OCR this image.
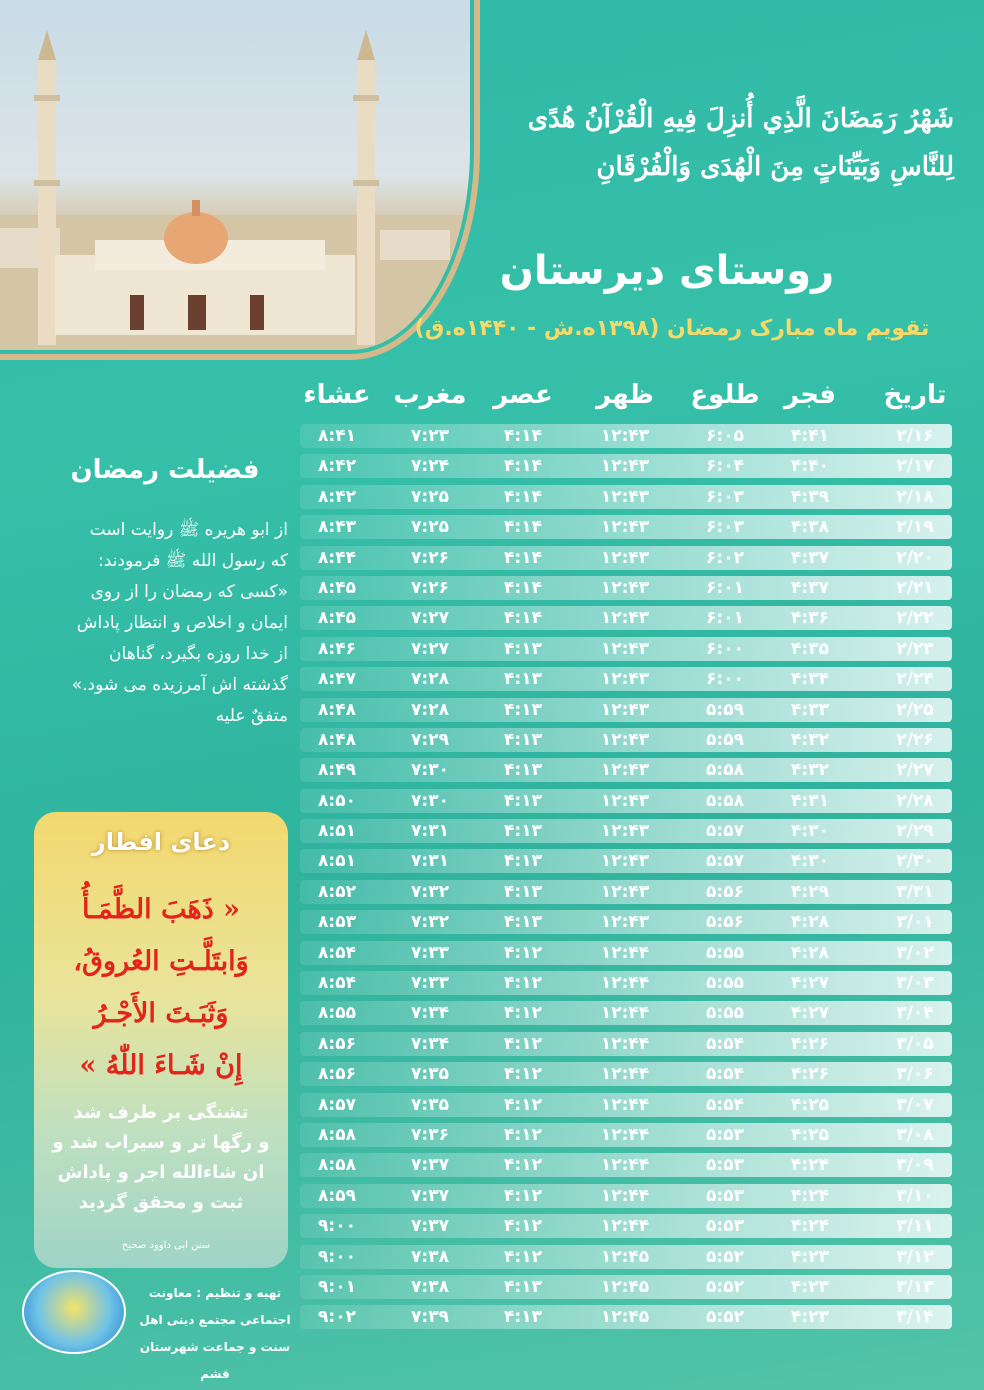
شَهْرُ رَمَضَانَ الَّذِي أُنزِلَ فِيهِ الْقُرْآنُ هُدًى
لِلنَّاسِ وَبَيِّنَاتٍ مِنَ الْهُدَى وَالْفُرْقَانِ
روستای دیرستان
تقویم ماه مبارک رمضان (۱۳۹۸ه.ش - ۱۴۴۰ه.ق)
تاریخ
فجر
طلوع
ظهر
عصر
مغرب
عشاء
۲/۱۶
۴:۴۱
۶:۰۵
۱۲:۴۳
۴:۱۴
۷:۲۳
۸:۴۱
۲/۱۷
۴:۴۰
۶:۰۴
۱۲:۴۳
۴:۱۴
۷:۲۴
۸:۴۲
۲/۱۸
۴:۳۹
۶:۰۳
۱۲:۴۳
۴:۱۴
۷:۲۵
۸:۴۲
۲/۱۹
۴:۳۸
۶:۰۳
۱۲:۴۳
۴:۱۴
۷:۲۵
۸:۴۳
۲/۲۰
۴:۳۷
۶:۰۲
۱۲:۴۳
۴:۱۴
۷:۲۶
۸:۴۴
۲/۲۱
۴:۳۷
۶:۰۱
۱۲:۴۳
۴:۱۴
۷:۲۶
۸:۴۵
۲/۲۲
۴:۳۶
۶:۰۱
۱۲:۴۳
۴:۱۴
۷:۲۷
۸:۴۵
۲/۲۳
۴:۳۵
۶:۰۰
۱۲:۴۳
۴:۱۳
۷:۲۷
۸:۴۶
۲/۲۴
۴:۳۴
۶:۰۰
۱۲:۴۳
۴:۱۳
۷:۲۸
۸:۴۷
۲/۲۵
۴:۳۳
۵:۵۹
۱۲:۴۳
۴:۱۳
۷:۲۸
۸:۴۸
۲/۲۶
۴:۳۲
۵:۵۹
۱۲:۴۳
۴:۱۳
۷:۲۹
۸:۴۸
۲/۲۷
۴:۳۲
۵:۵۸
۱۲:۴۳
۴:۱۳
۷:۳۰
۸:۴۹
۲/۲۸
۴:۳۱
۵:۵۸
۱۲:۴۳
۴:۱۳
۷:۳۰
۸:۵۰
۲/۲۹
۴:۳۰
۵:۵۷
۱۲:۴۳
۴:۱۳
۷:۳۱
۸:۵۱
۲/۳۰
۴:۳۰
۵:۵۷
۱۲:۴۳
۴:۱۳
۷:۳۱
۸:۵۱
۳/۳۱
۴:۲۹
۵:۵۶
۱۲:۴۳
۴:۱۳
۷:۳۲
۸:۵۲
۳/۰۱
۴:۲۸
۵:۵۶
۱۲:۴۳
۴:۱۳
۷:۳۲
۸:۵۳
۳/۰۲
۴:۲۸
۵:۵۵
۱۲:۴۴
۴:۱۲
۷:۳۳
۸:۵۴
۳/۰۳
۴:۲۷
۵:۵۵
۱۲:۴۴
۴:۱۲
۷:۳۳
۸:۵۴
۳/۰۴
۴:۲۷
۵:۵۵
۱۲:۴۴
۴:۱۲
۷:۳۴
۸:۵۵
۳/۰۵
۴:۲۶
۵:۵۴
۱۲:۴۴
۴:۱۲
۷:۳۴
۸:۵۶
۳/۰۶
۴:۲۶
۵:۵۴
۱۲:۴۴
۴:۱۲
۷:۳۵
۸:۵۶
۳/۰۷
۴:۲۵
۵:۵۴
۱۲:۴۴
۴:۱۲
۷:۳۵
۸:۵۷
۳/۰۸
۴:۲۵
۵:۵۳
۱۲:۴۴
۴:۱۲
۷:۳۶
۸:۵۸
۳/۰۹
۴:۲۴
۵:۵۳
۱۲:۴۴
۴:۱۲
۷:۳۷
۸:۵۸
۳/۱۰
۴:۲۴
۵:۵۳
۱۲:۴۴
۴:۱۲
۷:۳۷
۸:۵۹
۳/۱۱
۴:۲۴
۵:۵۳
۱۲:۴۴
۴:۱۲
۷:۳۷
۹:۰۰
۳/۱۲
۴:۲۳
۵:۵۲
۱۲:۴۵
۴:۱۲
۷:۳۸
۹:۰۰
۳/۱۳
۴:۲۳
۵:۵۲
۱۲:۴۵
۴:۱۳
۷:۳۸
۹:۰۱
۳/۱۴
۴:۲۳
۵:۵۲
۱۲:۴۵
۴:۱۳
۷:۳۹
۹:۰۲
فضیلت رمضان
از ابو هریره ﷺ روایت است
که رسول الله ﷺ فرمودند:
«کسی که رمضان را از روی
ایمان و اخلاص و انتظار پاداش
از خدا روزه بگیرد، گناهان
گذشته اش آمرزیده می شود.»
متفقٌ علیه
دعای افطار
« ذَهَبَ الظَّمَـأُ
وَابتَلَّـتِ العُروقُ،
وَثَبَـتَ الأَجْـرُ
إِنْ شَـاءَ اللّٰهُ »
تشنگی بر طرف شد
و رگها تر و سیراب شد و
ان شاءالله اجر و پاداش
ثبت و محقق گردید
سنن ابی داوود صحیح
تهیه و تنظیم : معاونت
اجتماعی مجتمع دینی اهل
سنت و جماعت شهرستان قشم
